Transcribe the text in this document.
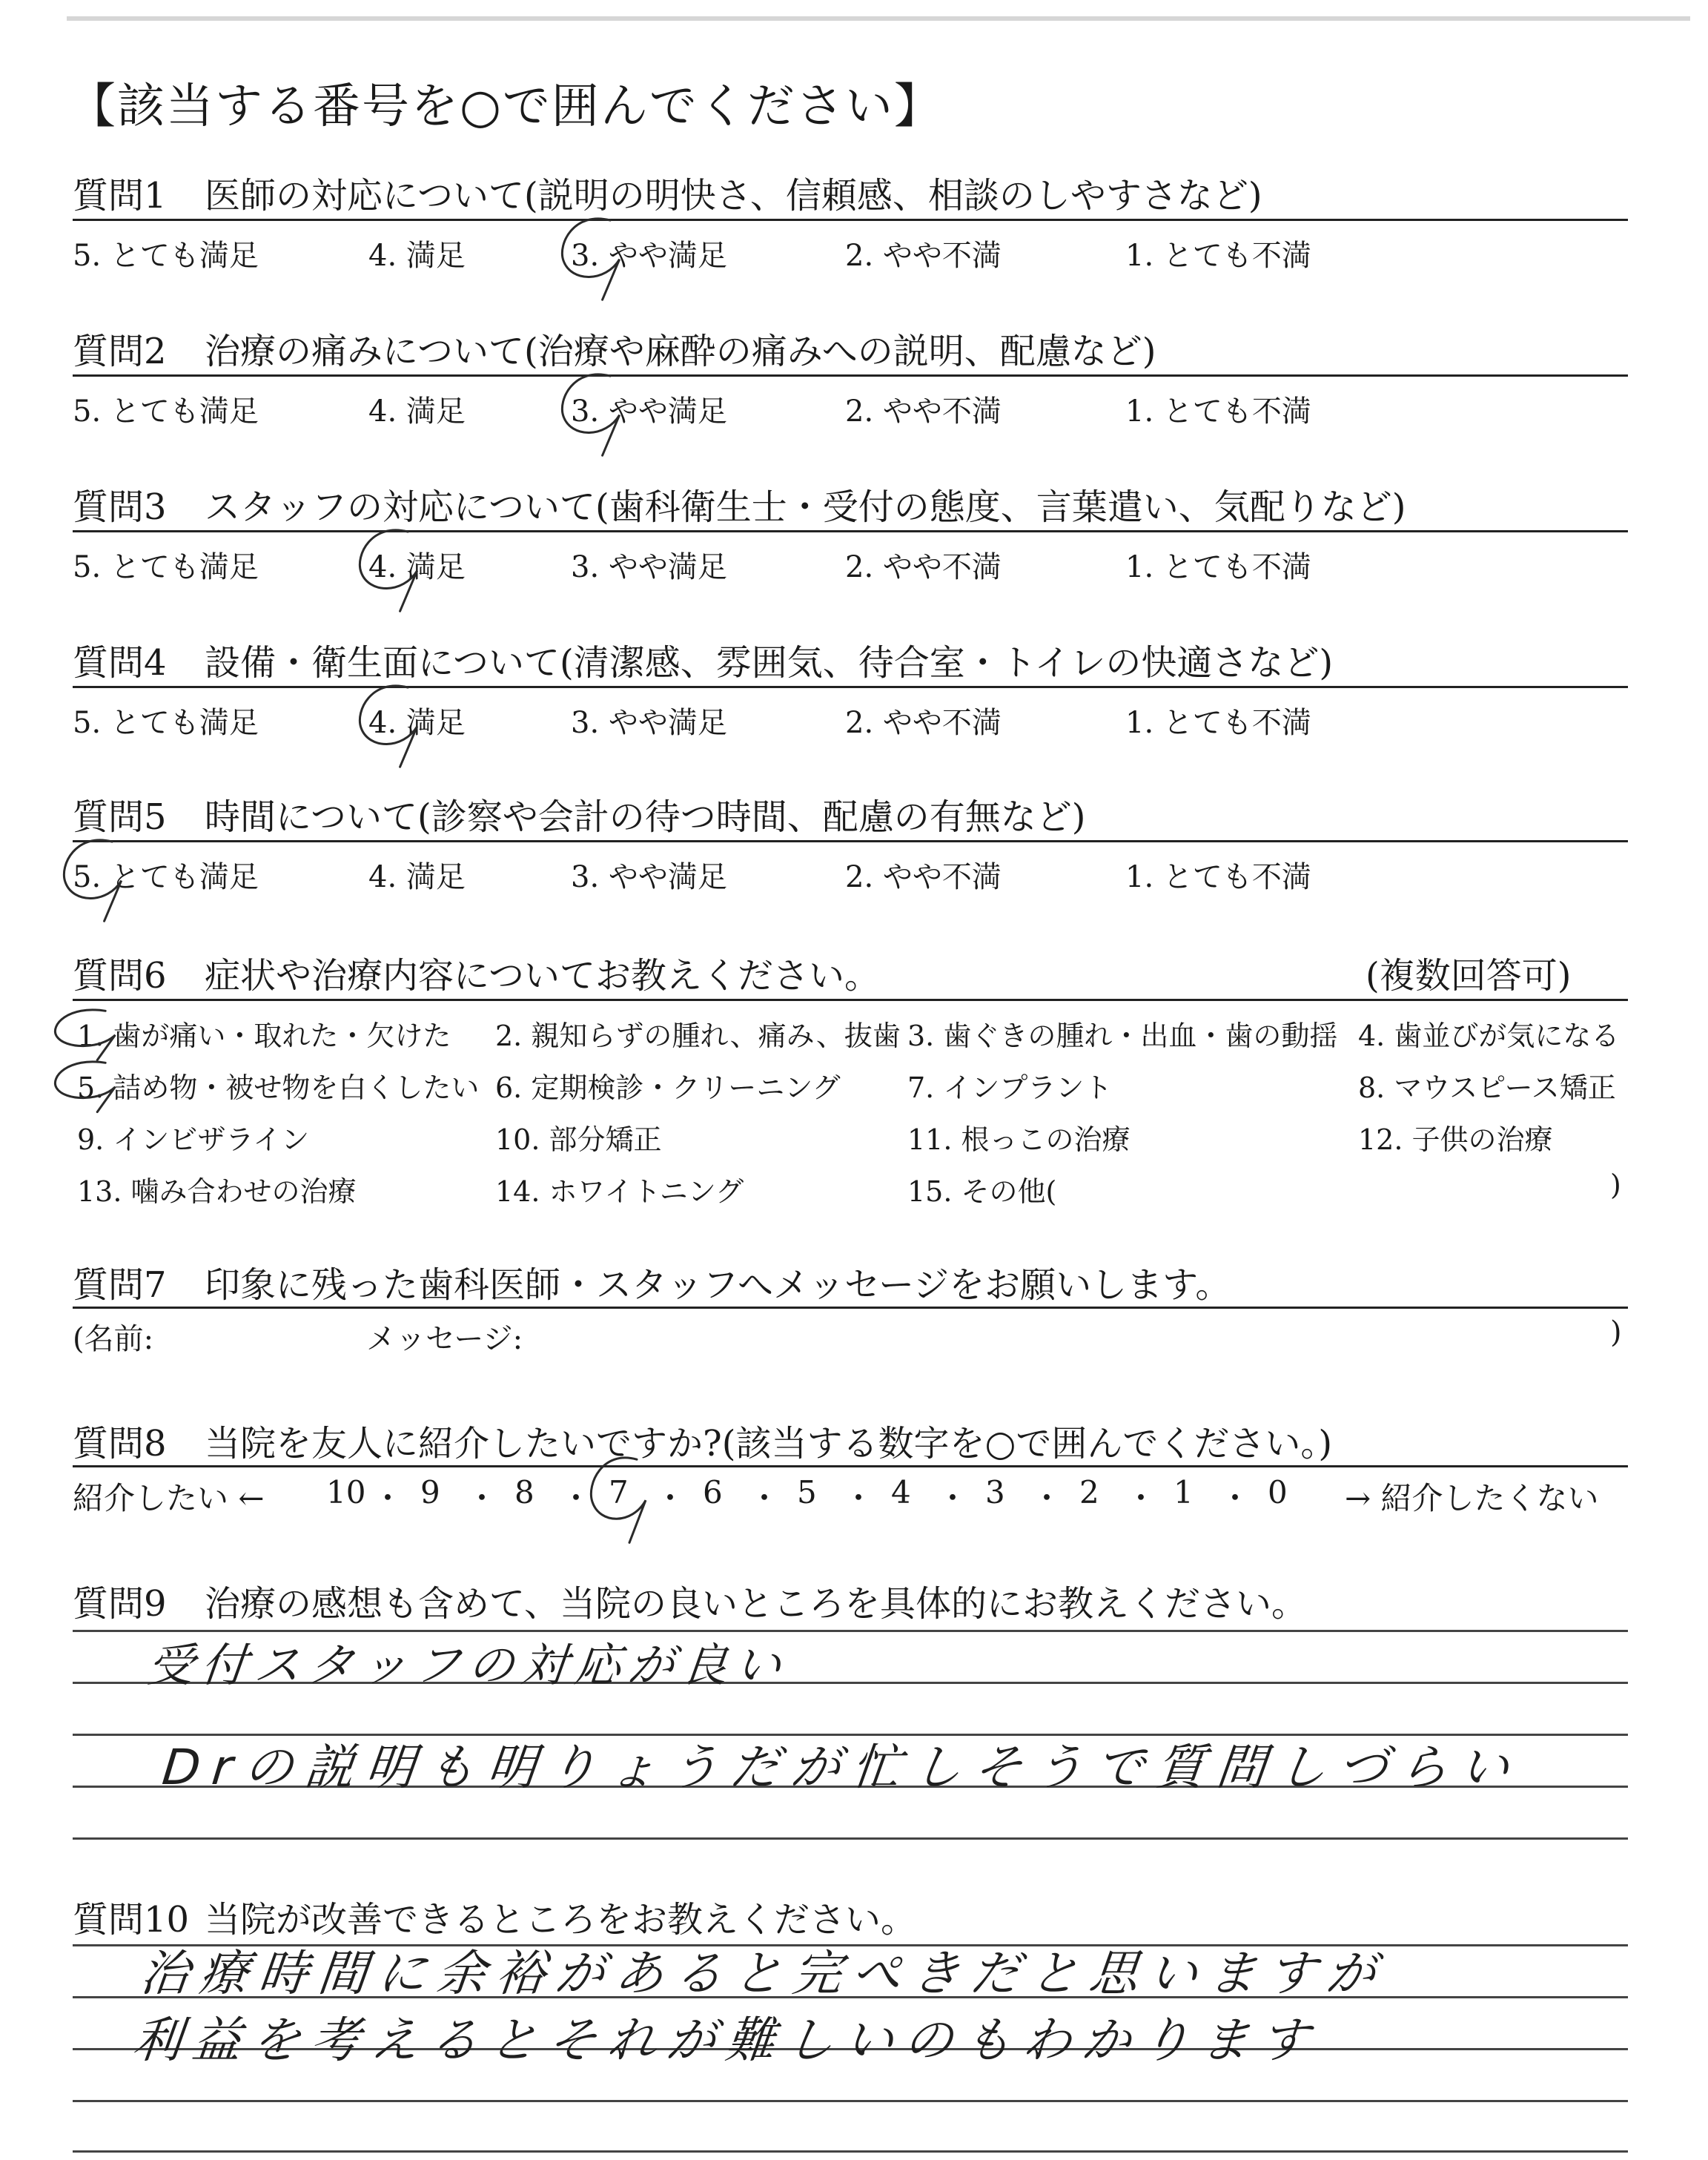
【該当する番号を○で囲んでください】
質問1 医師の対応について(説明の明快さ、信頼感、相談のしやすさなど)
5. とても満足	4. 満足	3. やや満足	2. やや不満	1. とても不満
質問2 治療の痛みについて(治療や麻酔の痛みへの説明、配慮など)
5. とても満足	4. 満足	3. やや満足	2. やや不満	1. とても不満
質問3 スタッフの対応について(歯科衛生士・受付の態度、言葉遣い、気配りなど)
5. とても満足	4. 満足	3. やや満足	2. やや不満	1. とても不満
質問4 設備・衛生面について(清潔感、雰囲気、待合室・トイレの快適さなど)
5. とても満足	4. 満足	3. やや満足	2. やや不満	1. とても不満
質問5 時間について(診察や会計の待つ時間、配慮の有無など)
5. とても満足	4. 満足	3. やや満足	2. やや不満	1. とても不満
質問6 症状や治療内容についてお教えください。	(複数回答可)
1. 歯が痛い・取れた・欠けた 2. 親知らずの腫れ、痛み、抜歯 3. 歯ぐきの腫れ・出血・歯の動揺 4. 歯並びが気になる
5. 詰め物・被せ物を白くしたい 6. 定期検診・クリーニング 7. インプラント	8. マウスピース矯正
9. インビザライン	10. 部分矯正	11. 根っこの治療	12. 子供の治療
13. 噛み合わせの治療	14. ホワイトニング	15. その他(	)
質問7 印象に残った歯科医師・スタッフへメッセージをお願いします。
(名前:	メッセージ:	)
質問8 当院を友人に紹介したいですか?(該当する数字を○で囲んでください。)
紹介したい ← 10 ・ 9 ・ 8 ・ 7 ・ 6 ・ 5 ・ 4 ・ 3 ・ 2 ・ 1 ・ 0 → 紹介したくない
質問9 治療の感想も含めて、当院の良いところを具体的にお教えください。
受付スタッフの対応が良い
Drの説明も明りょうだが忙しそうで質問しづらい
質問10 当院が改善できるところをお教えください。
治療時間に余裕があると完ぺきだと思いますが
利益を考えるとそれが難しいのもわかります
